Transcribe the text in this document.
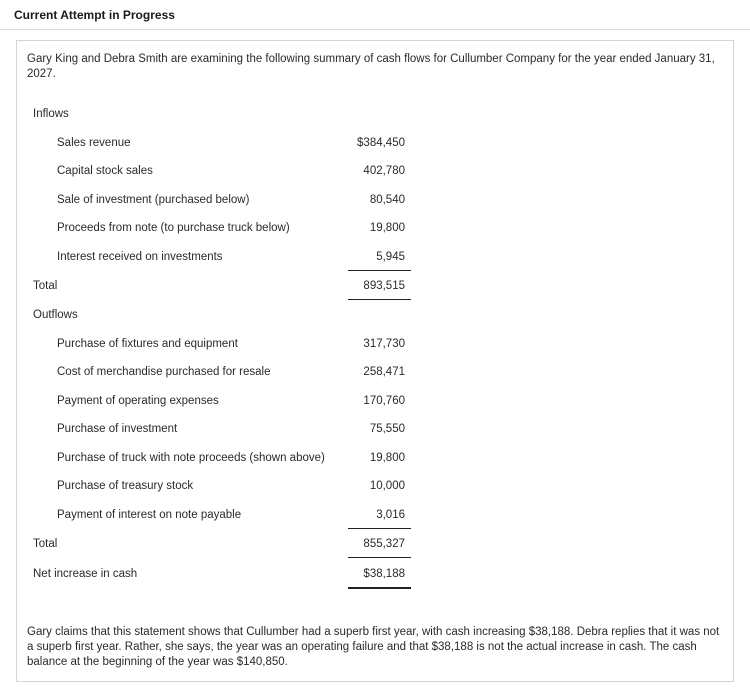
Current Attempt in Progress
Gary King and Debra Smith are examining the following summary of cash flows for Cullumber Company for the year ended January 31, 2027.
Inflows
Sales revenue	$384,450
Capital stock sales	402,780
Sale of investment (purchased below)	80,540
Proceeds from note (to purchase truck below)	19,800
Interest received on investments	5,945
Total	893,515
Outflows
Purchase of fixtures and equipment	317,730
Cost of merchandise purchased for resale	258,471
Payment of operating expenses	170,760
Purchase of investment	75,550
Purchase of truck with note proceeds (shown above)	19,800
Purchase of treasury stock	10,000
Payment of interest on note payable	3,016
Total	855,327
Net increase in cash	$38,188
Gary claims that this statement shows that Cullumber had a superb first year, with cash increasing $38,188. Debra replies that it was not a superb first year. Rather, she says, the year was an operating failure and that $38,188 is not the actual increase in cash. The cash balance at the beginning of the year was $140,850.
